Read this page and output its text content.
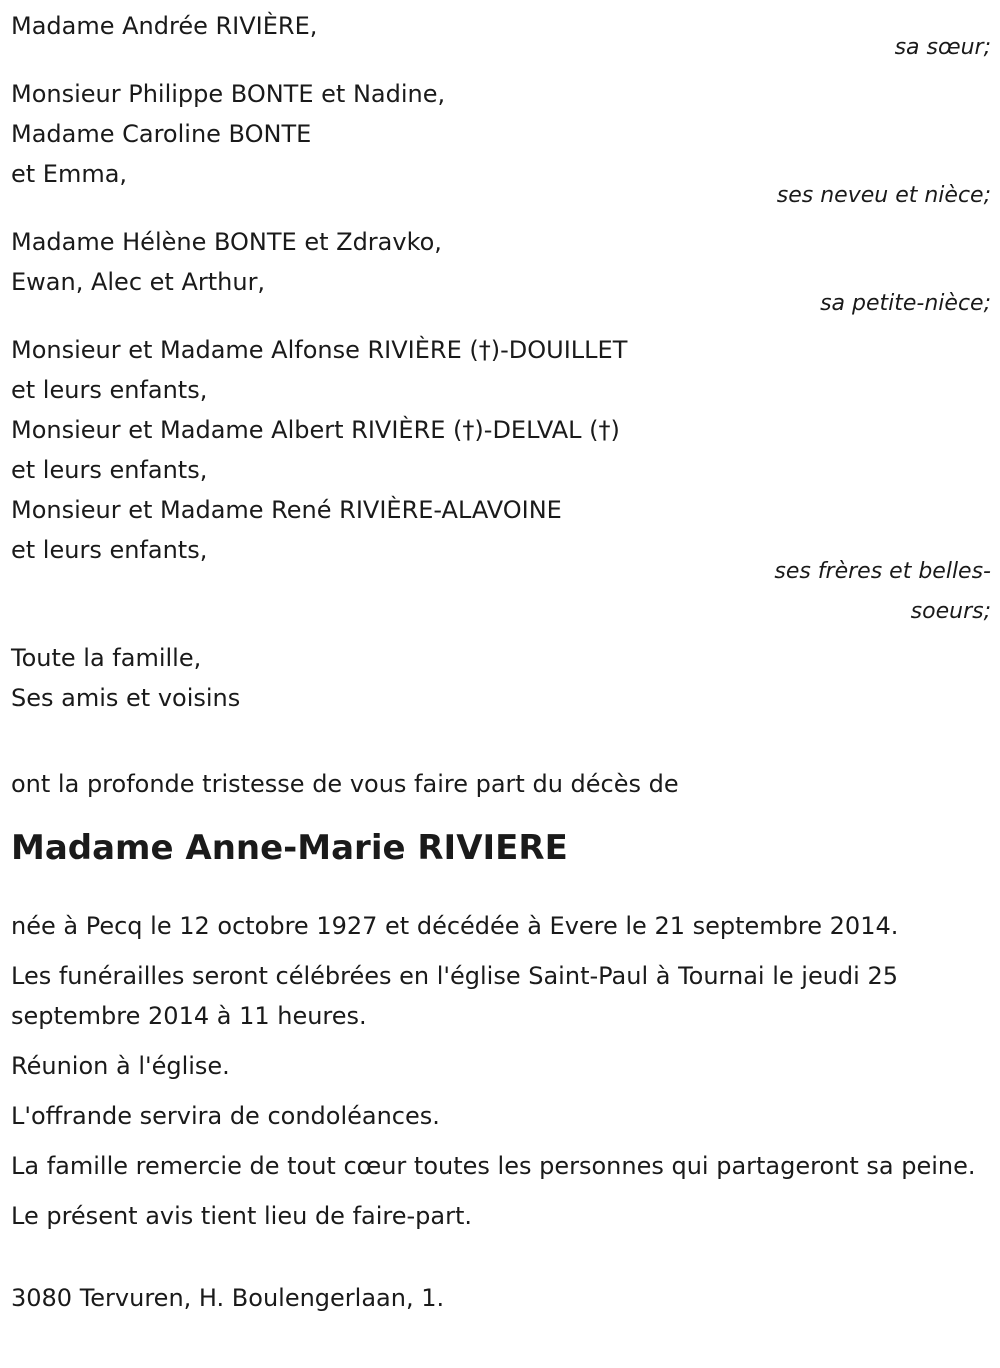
Madame Andrée RIVIÈRE,
sa sœur;
Monsieur Philippe BONTE et Nadine,
Madame Caroline BONTE
et Emma,
ses neveu et nièce;
Madame Hélène BONTE et Zdravko,
Ewan, Alec et Arthur,
sa petite-nièce;
Monsieur et Madame Alfonse RIVIÈRE (†)-DOUILLET
et leurs enfants,
Monsieur et Madame Albert RIVIÈRE (†)-DELVAL (†)
et leurs enfants,
Monsieur et Madame René RIVIÈRE-ALAVOINE
et leurs enfants,
ses frères et belles-
soeurs;
Toute la famille,
Ses amis et voisins
ont la profonde tristesse de vous faire part du décès de
Madame Anne-Marie RIVIERE
née à Pecq le 12 octobre 1927 et décédée à Evere le 21 septembre 2014.
Les funérailles seront célébrées en l'église Saint-Paul à Tournai le jeudi 25 septembre 2014 à 11 heures.
Réunion à l'église.
L'offrande servira de condoléances.
La famille remercie de tout cœur toutes les personnes qui partageront sa peine.
Le présent avis tient lieu de faire-part.
3080 Tervuren, H. Boulengerlaan, 1.
